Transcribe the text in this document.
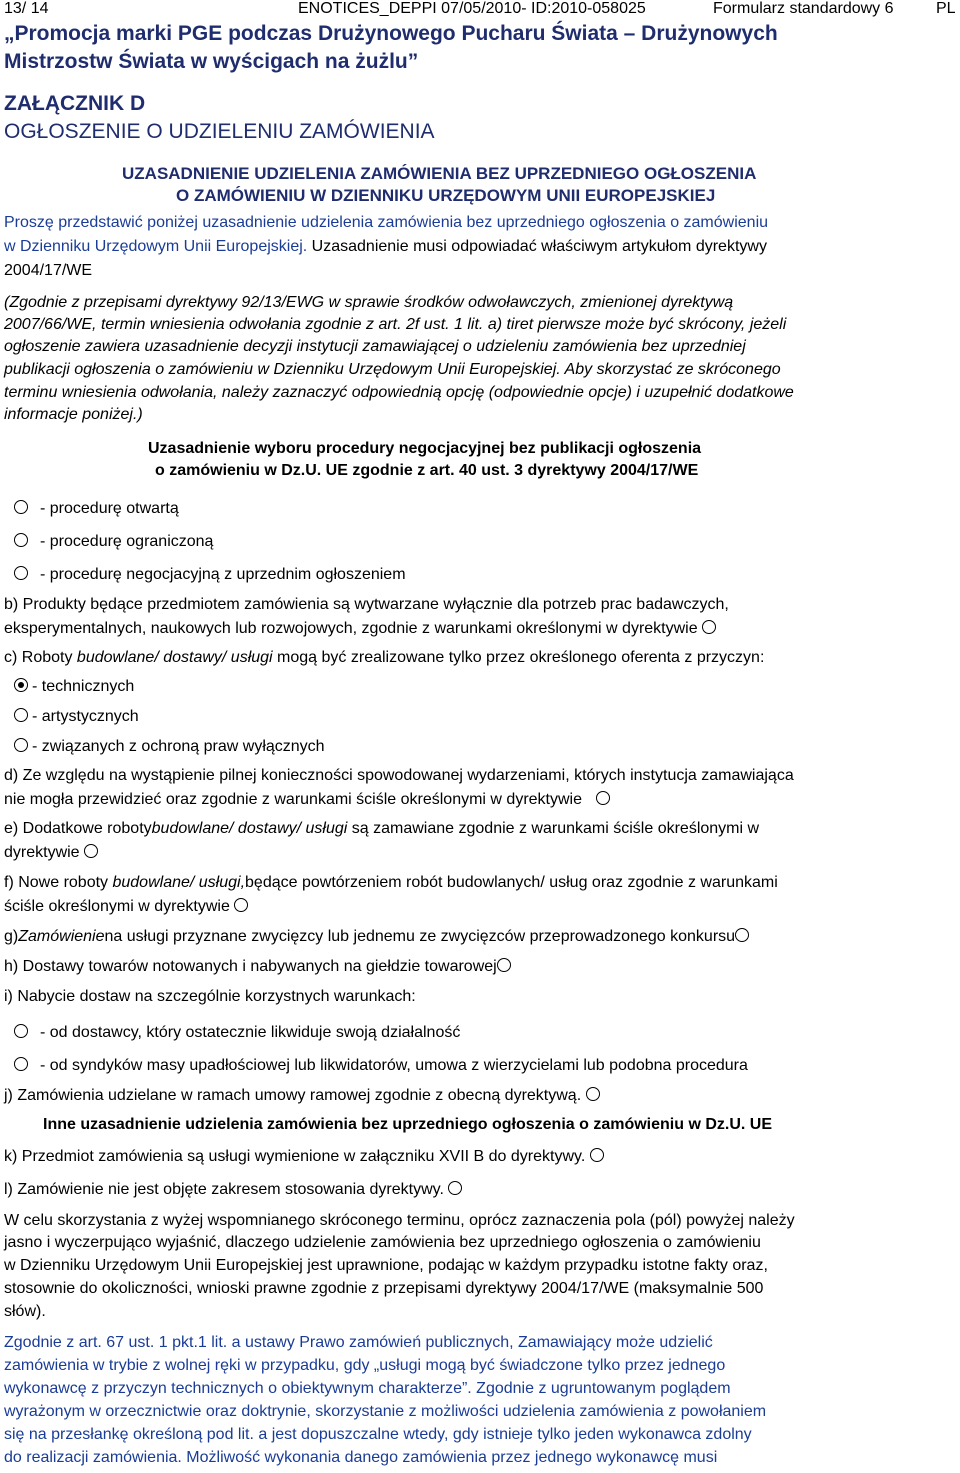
13/ 14	ENOTICES_DEPPI 07/05/2010- ID:2010-058025	Formularz standardowy 6	PL
„Promocja marki PGE podczas Drużynowego Pucharu Świata – Drużynowych
Mistrzostw Świata w wyścigach na żużlu”
ZAŁĄCZNIK D
OGŁOSZENIE O UDZIELENIU ZAMÓWIENIA
UZASADNIENIE UDZIELENIA ZAMÓWIENIA BEZ UPRZEDNIEGO OGŁOSZENIA
O ZAMÓWIENIU W DZIENNIKU URZĘDOWYM UNII EUROPEJSKIEJ
Proszę przedstawić poniżej uzasadnienie udzielenia zamówienia bez uprzedniego ogłoszenia o zamówieniu
w Dzienniku Urzędowym Unii Europejskiej. Uzasadnienie musi odpowiadać właściwym artykułom dyrektywy
2004/17/WE
(Zgodnie z przepisami dyrektywy 92/13/EWG w sprawie środków odwoławczych, zmienionej dyrektywą
2007/66/WE, termin wniesienia odwołania zgodnie z art. 2f ust. 1 lit. a) tiret pierwsze może być skrócony, jeżeli
ogłoszenie zawiera uzasadnienie decyzji instytucji zamawiającej o udzieleniu zamówienia bez uprzedniej
publikacji ogłoszenia o zamówieniu w Dzienniku Urzędowym Unii Europejskiej. Aby skorzystać ze skróconego
terminu wniesienia odwołania, należy zaznaczyć odpowiednią opcję (odpowiednie opcje) i uzupełnić dodatkowe
informacje poniżej.)
Uzasadnienie wyboru procedury negocjacyjnej bez publikacji ogłoszenia
o zamówieniu w Dz.U. UE zgodnie z art. 40 ust. 3 dyrektywy 2004/17/WE
- procedurę otwartą
- procedurę ograniczoną
- procedurę negocjacyjną z uprzednim ogłoszeniem
b) Produkty będące przedmiotem zamówienia są wytwarzane wyłącznie dla potrzeb prac badawczych,
eksperymentalnych, naukowych lub rozwojowych, zgodnie z warunkami określonymi w dyrektywie
c) Roboty budowlane/ dostawy/ usługi mogą być zrealizowane tylko przez określonego oferenta z przyczyn:
- technicznych
- artystycznych
- związanych z ochroną praw wyłącznych
d) Ze względu na wystąpienie pilnej konieczności spowodowanej wydarzeniami, których instytucja zamawiająca
nie mogła przewidzieć oraz zgodnie z warunkami ściśle określonymi w dyrektywie
e) Dodatkowe robotybudowlane/ dostawy/ usługi są zamawiane zgodnie z warunkami ściśle określonymi w
dyrektywie
f) Nowe roboty budowlane/ usługi,będące powtórzeniem robót budowlanych/ usług oraz zgodnie z warunkami
ściśle określonymi w dyrektywie
g)Zamówieniena usługi przyznane zwycięzcy lub jednemu ze zwycięzców przeprowadzonego konkursu
h) Dostawy towarów notowanych i nabywanych na giełdzie towarowej
i) Nabycie dostaw na szczególnie korzystnych warunkach:
- od dostawcy, który ostatecznie likwiduje swoją działalność
- od syndyków masy upadłościowej lub likwidatorów, umowa z wierzycielami lub podobna procedura
j) Zamówienia udzielane w ramach umowy ramowej zgodnie z obecną dyrektywą.
Inne uzasadnienie udzielenia zamówienia bez uprzedniego ogłoszenia o zamówieniu w Dz.U. UE
k) Przedmiot zamówienia są usługi wymienione w załączniku XVII B do dyrektywy.
l) Zamówienie nie jest objęte zakresem stosowania dyrektywy.
W celu skorzystania z wyżej wspomnianego skróconego terminu, oprócz zaznaczenia pola (pól) powyżej należy
jasno i wyczerpująco wyjaśnić, dlaczego udzielenie zamówienia bez uprzedniego ogłoszenia o zamówieniu
w Dzienniku Urzędowym Unii Europejskiej jest uprawnione, podając w każdym przypadku istotne fakty oraz,
stosownie do okoliczności, wnioski prawne zgodnie z przepisami dyrektywy 2004/17/WE (maksymalnie 500
słów).
Zgodnie z art. 67 ust. 1 pkt.1 lit. a ustawy Prawo zamówień publicznych, Zamawiający może udzielić
zamówienia w trybie z wolnej ręki w przypadku, gdy „usługi mogą być świadczone tylko przez jednego
wykonawcę z przyczyn technicznych o obiektywnym charakterze”. Zgodnie z ugruntowanym poglądem
wyrażonym w orzecznictwie oraz doktrynie, skorzystanie z możliwości udzielenia zamówienia z powołaniem
się na przesłankę określoną pod lit. a jest dopuszczalne wtedy, gdy istnieje tylko jeden wykonawca zdolny
do realizacji zamówienia. Możliwość wykonania danego zamówienia przez jednego wykonawcę musi
